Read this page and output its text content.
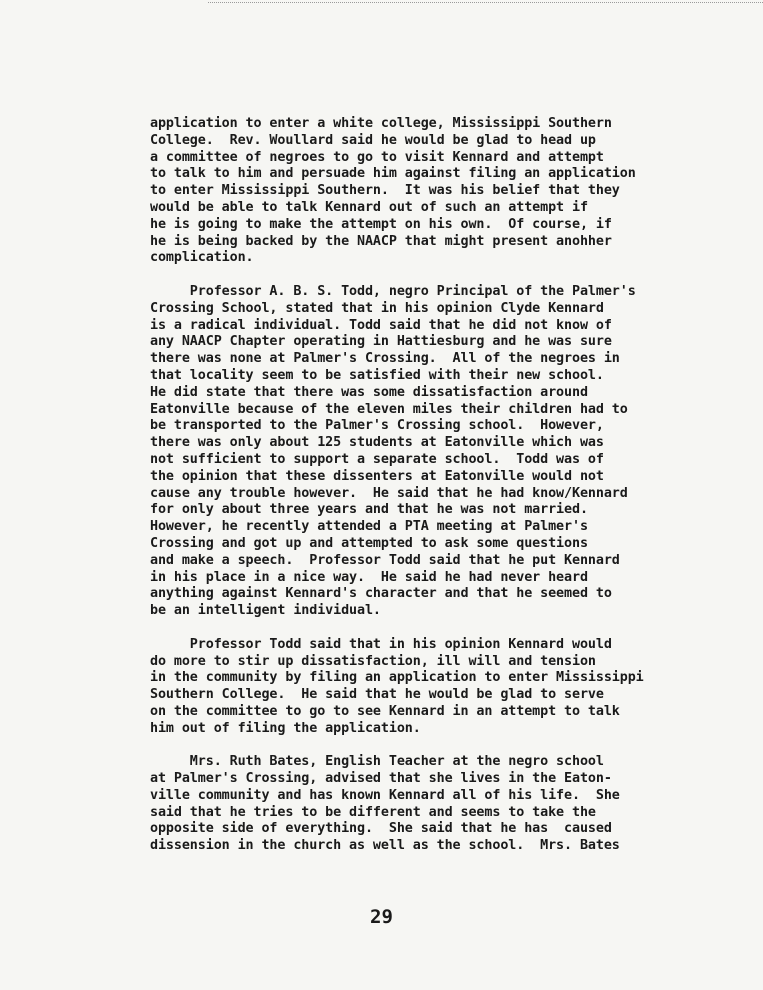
application to enter a white college, Mississippi Southern
College.  Rev. Woullard said he would be glad to head up
a committee of negroes to go to visit Kennard and attempt
to talk to him and persuade him against filing an application
to enter Mississippi Southern.  It was his belief that they
would be able to talk Kennard out of such an attempt if
he is going to make the attempt on his own.  Of course, if
he is being backed by the NAACP that might present anohher
complication.
Professor A. B. S. Todd, negro Principal of the Palmer's
Crossing School, stated that in his opinion Clyde Kennard
is a radical individual. Todd said that he did not know of
any NAACP Chapter operating in Hattiesburg and he was sure
there was none at Palmer's Crossing.  All of the negroes in
that locality seem to be satisfied with their new school.
He did state that there was some dissatisfaction around
Eatonville because of the eleven miles their children had to
be transported to the Palmer's Crossing school.  However,
there was only about 125 students at Eatonville which was
not sufficient to support a separate school.  Todd was of
the opinion that these dissenters at Eatonville would not
cause any trouble however.  He said that he had know/Kennard
for only about three years and that he was not married.
However, he recently attended a PTA meeting at Palmer's
Crossing and got up and attempted to ask some questions
and make a speech.  Professor Todd said that he put Kennard
in his place in a nice way.  He said he had never heard
anything against Kennard's character and that he seemed to
be an intelligent individual.
Professor Todd said that in his opinion Kennard would
do more to stir up dissatisfaction, ill will and tension
in the community by filing an application to enter Mississippi
Southern College.  He said that he would be glad to serve
on the committee to go to see Kennard in an attempt to talk
him out of filing the application.
Mrs. Ruth Bates, English Teacher at the negro school
at Palmer's Crossing, advised that she lives in the Eaton-
ville community and has known Kennard all of his life.  She
said that he tries to be different and seems to take the
opposite side of everything.  She said that he has  caused
dissension in the church as well as the school.  Mrs. Bates
29
